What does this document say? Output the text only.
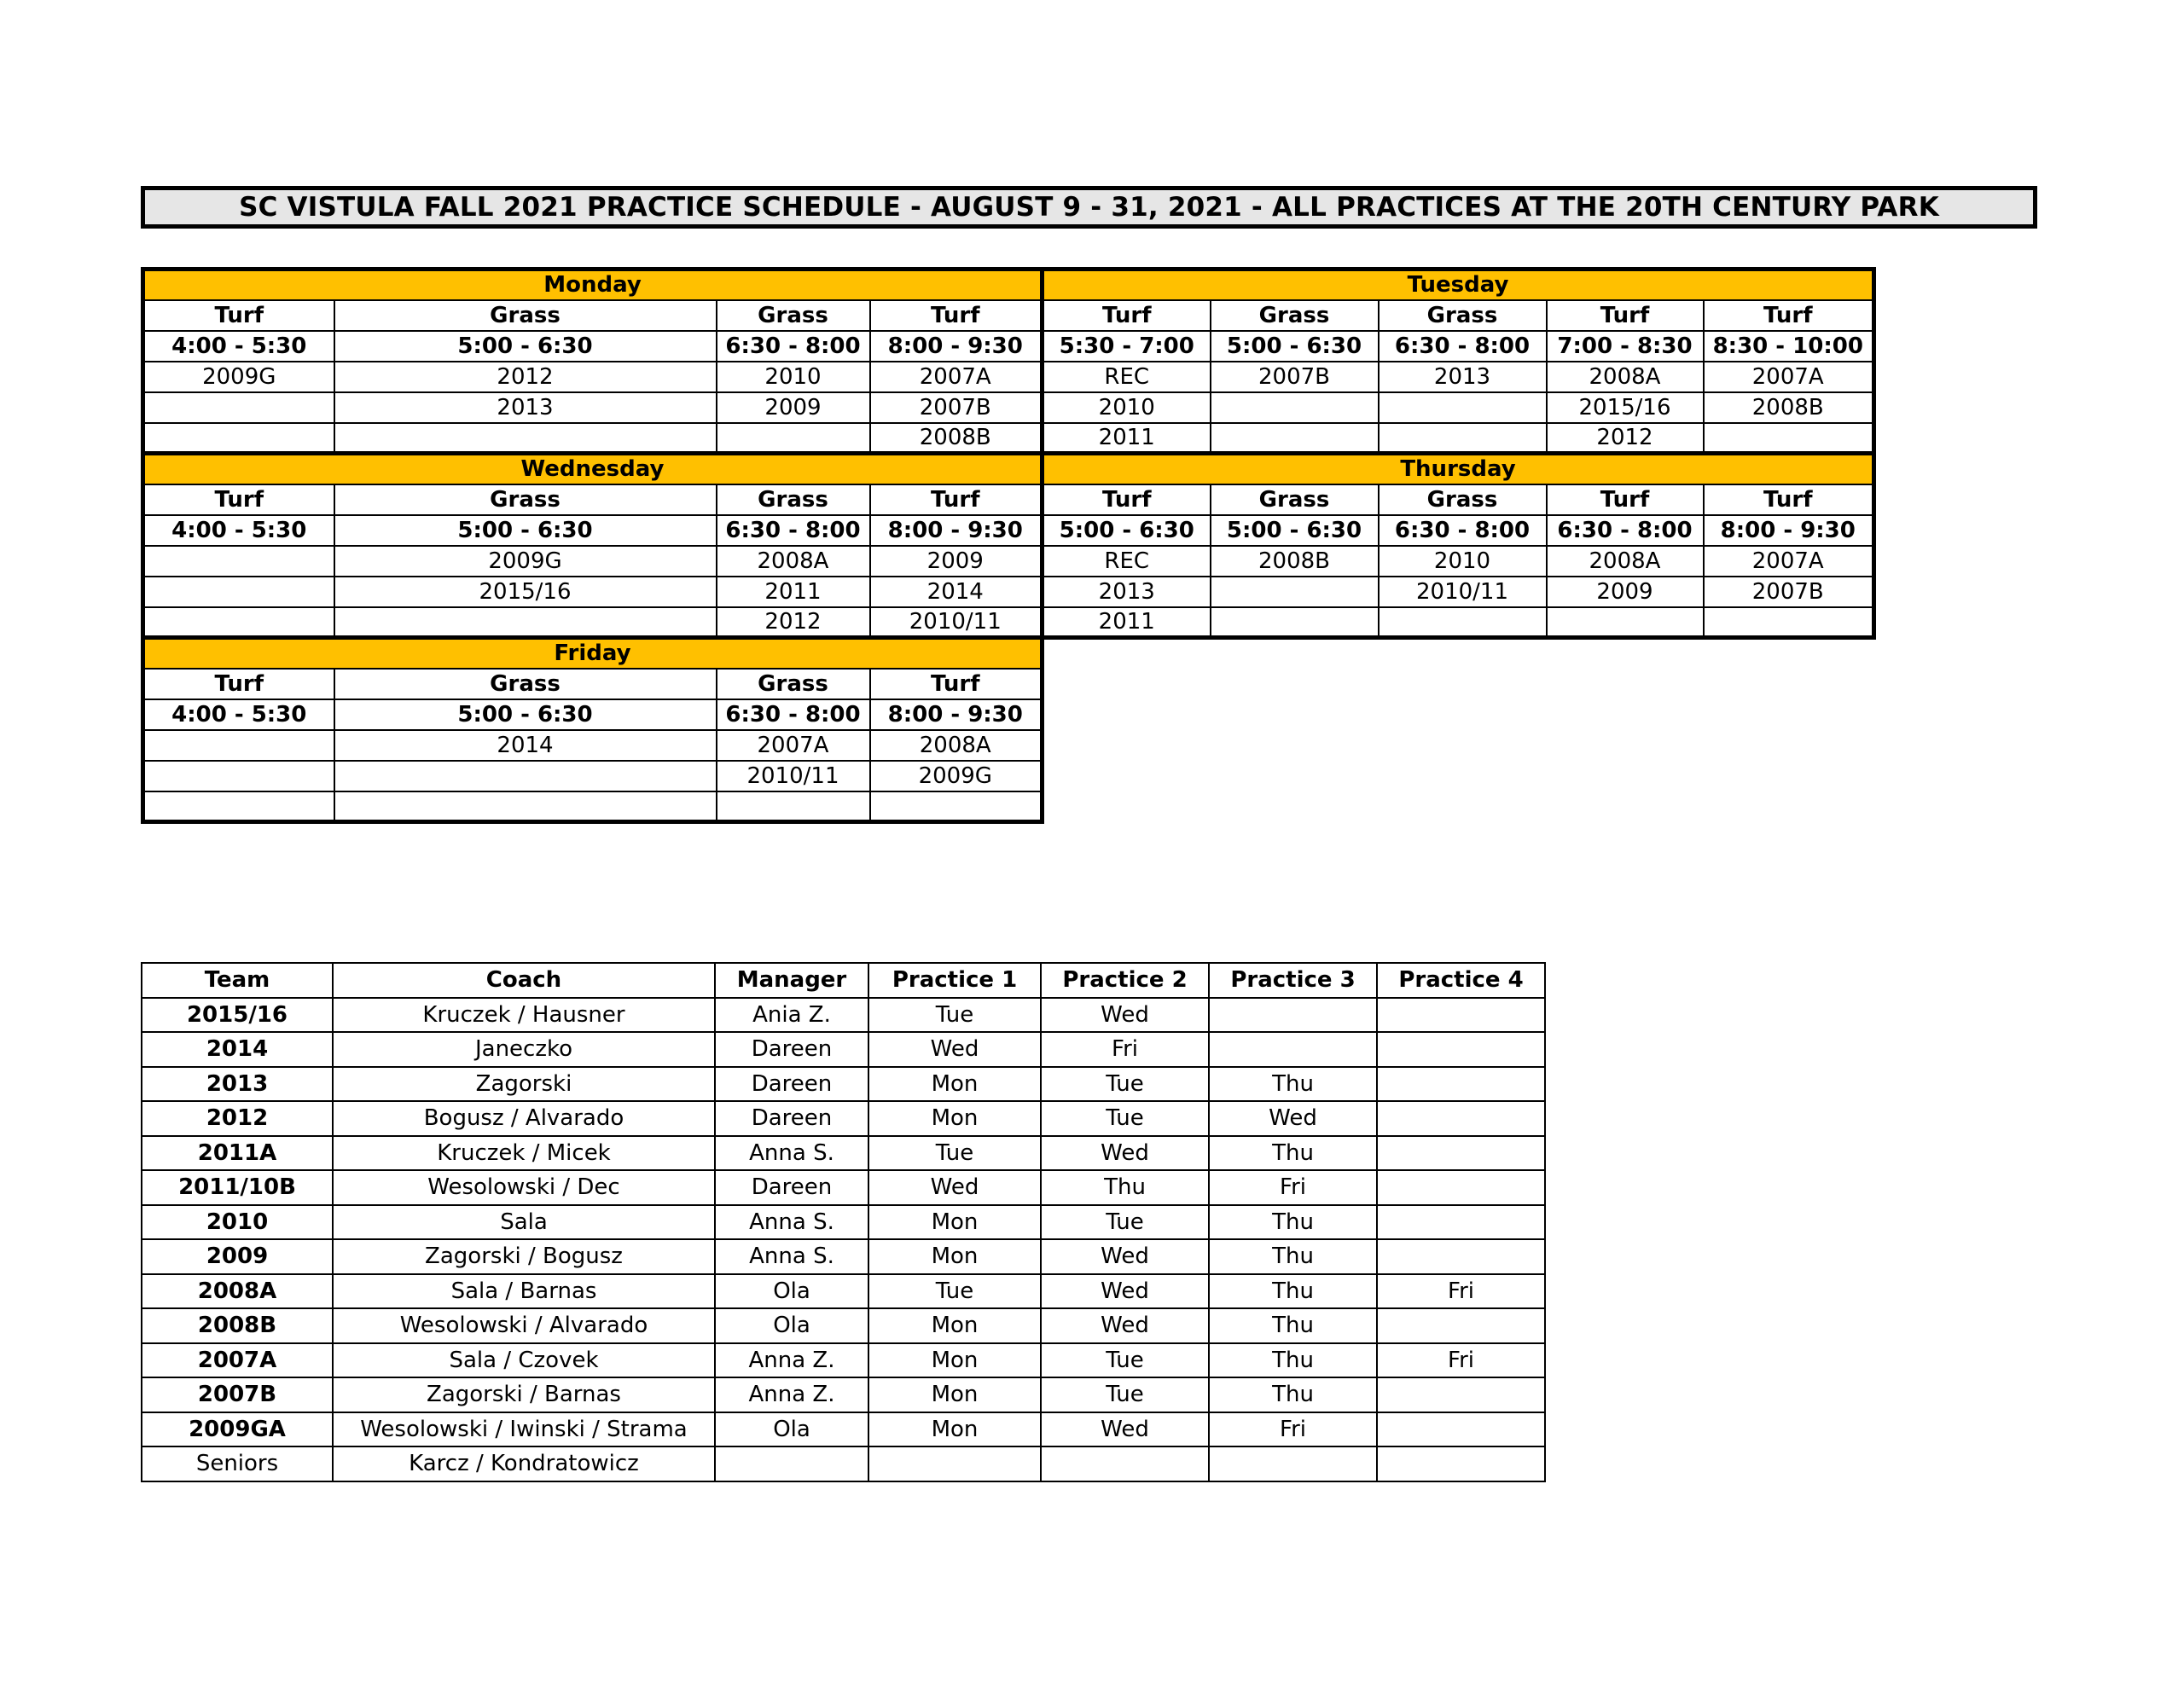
SC VISTULA FALL 2021 PRACTICE SCHEDULE - AUGUST 9 - 31, 2021 - ALL PRACTICES AT THE 20TH CENTURY PARK
Monday				Tuesday				
Turf	Grass	Grass	Turf	Turf	Grass	Grass	Turf	Turf
4:00 - 5:30	5:00 - 6:30	6:30 - 8:00	8:00 - 9:30	5:30 - 7:00	5:00 - 6:30	6:30 - 8:00	7:00 - 8:30	8:30 - 10:00
2009G	2012	2010	2007A	REC	2007B	2013	2008A	2007A
	2013	2009	2007B	2010			2015/16	2008B
			2008B	2011			2012	
Wednesday				Thursday				
Turf	Grass	Grass	Turf	Turf	Grass	Grass	Turf	Turf
4:00 - 5:30	5:00 - 6:30	6:30 - 8:00	8:00 - 9:30	5:00 - 6:30	5:00 - 6:30	6:30 - 8:00	6:30 - 8:00	8:00 - 9:30
	2009G	2008A	2009	REC	2008B	2010	2008A	2007A
	2015/16	2011	2014	2013		2010/11	2009	2007B
		2012	2010/11	2011				
Friday								
Turf	Grass	Grass	Turf					
4:00 - 5:30	5:00 - 6:30	6:30 - 8:00	8:00 - 9:30					
	2014	2007A	2008A					
		2010/11	2009G					

Team	Coach	Manager	Practice 1	Practice 2	Practice 3	Practice 4
2015/16	Kruczek / Hausner	Ania Z.	Tue	Wed		
2014	Janeczko	Dareen	Wed	Fri		
2013	Zagorski	Dareen	Mon	Tue	Thu	
2012	Bogusz / Alvarado	Dareen	Mon	Tue	Wed	
2011A	Kruczek / Micek	Anna S.	Tue	Wed	Thu	
2011/10B	Wesolowski / Dec	Dareen	Wed	Thu	Fri	
2010	Sala	Anna S.	Mon	Tue	Thu	
2009	Zagorski / Bogusz	Anna S.	Mon	Wed	Thu	
2008A	Sala / Barnas	Ola	Tue	Wed	Thu	Fri
2008B	Wesolowski / Alvarado	Ola	Mon	Wed	Thu	
2007A	Sala / Czovek	Anna Z.	Mon	Tue	Thu	Fri
2007B	Zagorski / Barnas	Anna Z.	Mon	Tue	Thu	
2009GA	Wesolowski / Iwinski / Strama	Ola	Mon	Wed	Fri	
Seniors	Karcz / Kondratowicz					
